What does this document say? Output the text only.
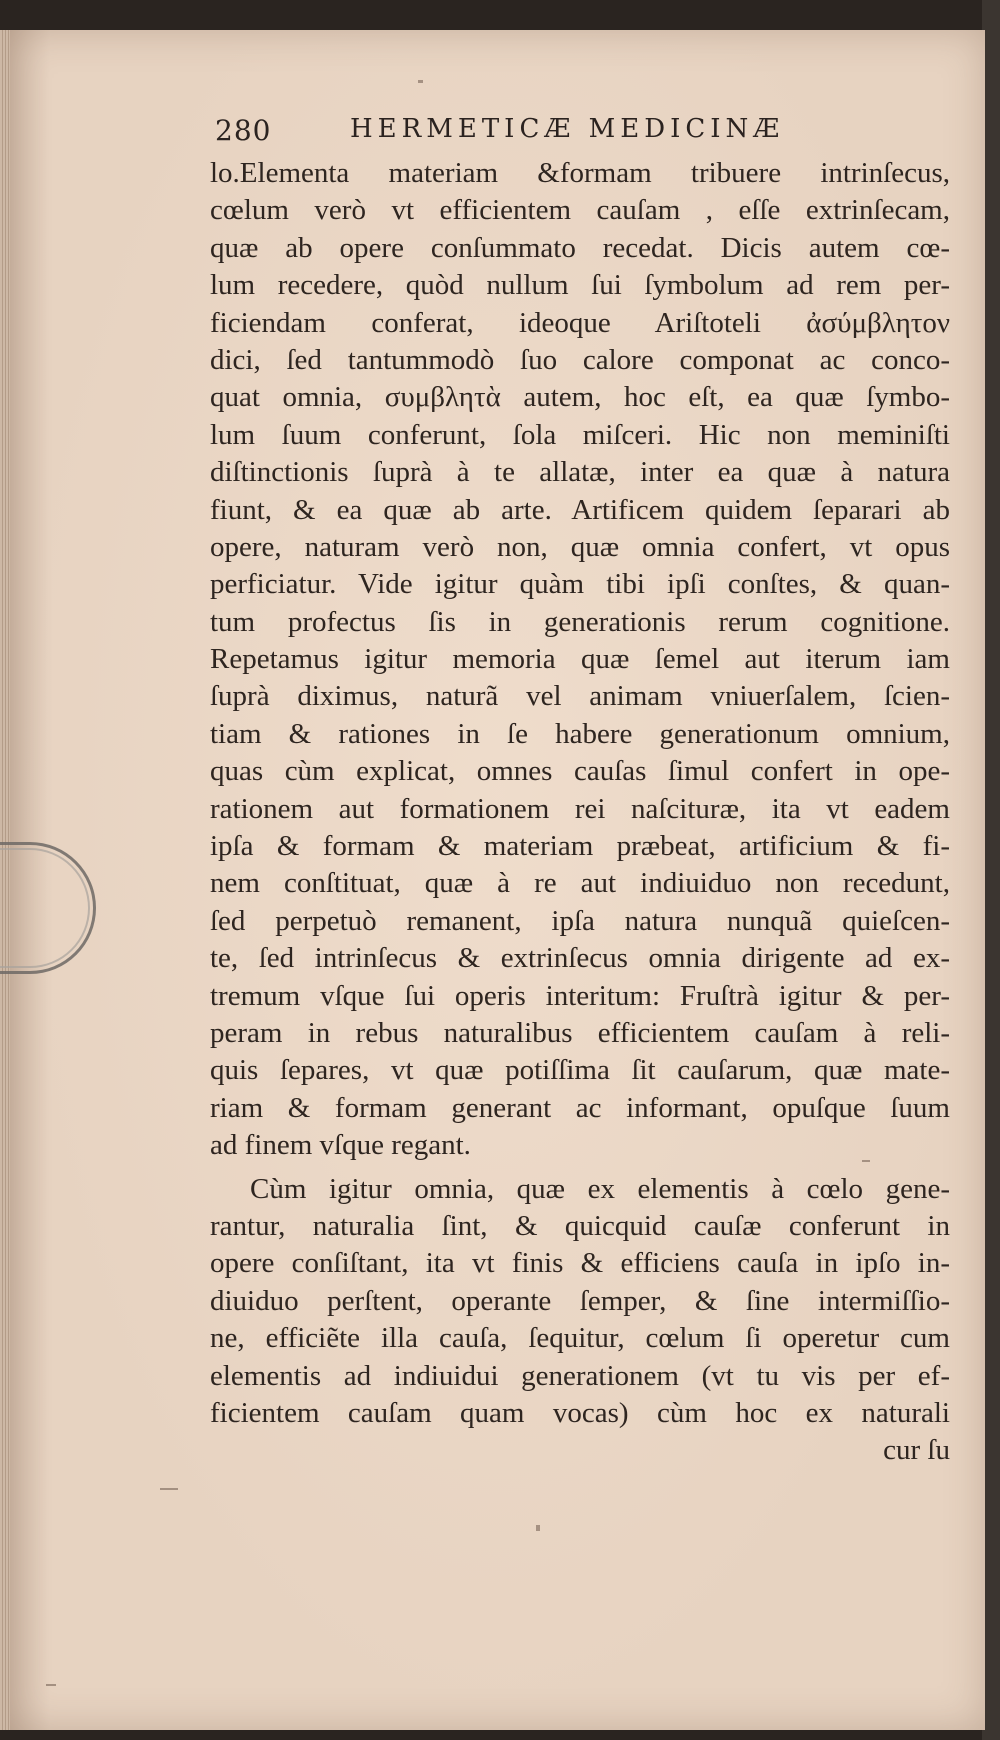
280	HERMETICÆ MEDICINÆ
lo.Elementa materiam &formam tribuere intrinſecus,
cœlum verò vt efficientem cauſam , eſſe extrinſecam,
quæ ab opere conſummato recedat. Dicis autem cœ-
lum recedere, quòd nullum ſui ſymbolum ad rem per-
ficiendam conferat, ideoque Ariſtoteli ἀσύμβλητον
dici, ſed tantummodò ſuo calore componat ac conco-
quat omnia, συμβλητὰ autem, hoc eſt, ea quæ ſymbo-
lum ſuum conferunt, ſola miſceri. Hic non meminiſti
diſtinctionis ſuprà à te allatæ, inter ea quæ à natura
fiunt, & ea quæ ab arte. Artificem quidem ſeparari ab
opere, naturam verò non, quæ omnia confert, vt opus
perficiatur. Vide igitur quàm tibi ipſi conſtes, & quan-
tum profectus ſis in generationis rerum cognitione.
Repetamus igitur memoria quæ ſemel aut iterum iam
ſuprà diximus, naturã vel animam vniuerſalem, ſcien-
tiam & rationes in ſe habere generationum omnium,
quas cùm explicat, omnes cauſas ſimul confert in ope-
rationem aut formationem rei naſcituræ, ita vt eadem
ipſa & formam & materiam præbeat, artificium & fi-
nem conſtituat, quæ à re aut indiuiduo non recedunt,
ſed perpetuò remanent, ipſa natura nunquã quieſcen-
te, ſed intrinſecus & extrinſecus omnia dirigente ad ex-
tremum vſque ſui operis interitum: Fruſtrà igitur & per-
peram in rebus naturalibus efficientem cauſam à reli-
quis ſepares, vt quæ potiſſima ſit cauſarum, quæ mate-
riam & formam generant ac informant, opuſque ſuum
ad finem vſque regant.
Cùm igitur omnia, quæ ex elementis à cœlo gene-
rantur, naturalia ſint, & quicquid cauſæ conferunt in
opere conſiſtant, ita vt finis & efficiens cauſa in ipſo in-
diuiduo perſtent, operante ſemper, & ſine intermiſſio-
ne, efficiẽte illa cauſa, ſequitur, cœlum ſi operetur cum
elementis ad indiuidui generationem (vt tu vis per ef-
ficientem cauſam quam vocas) cùm hoc ex naturali
cur ſu
